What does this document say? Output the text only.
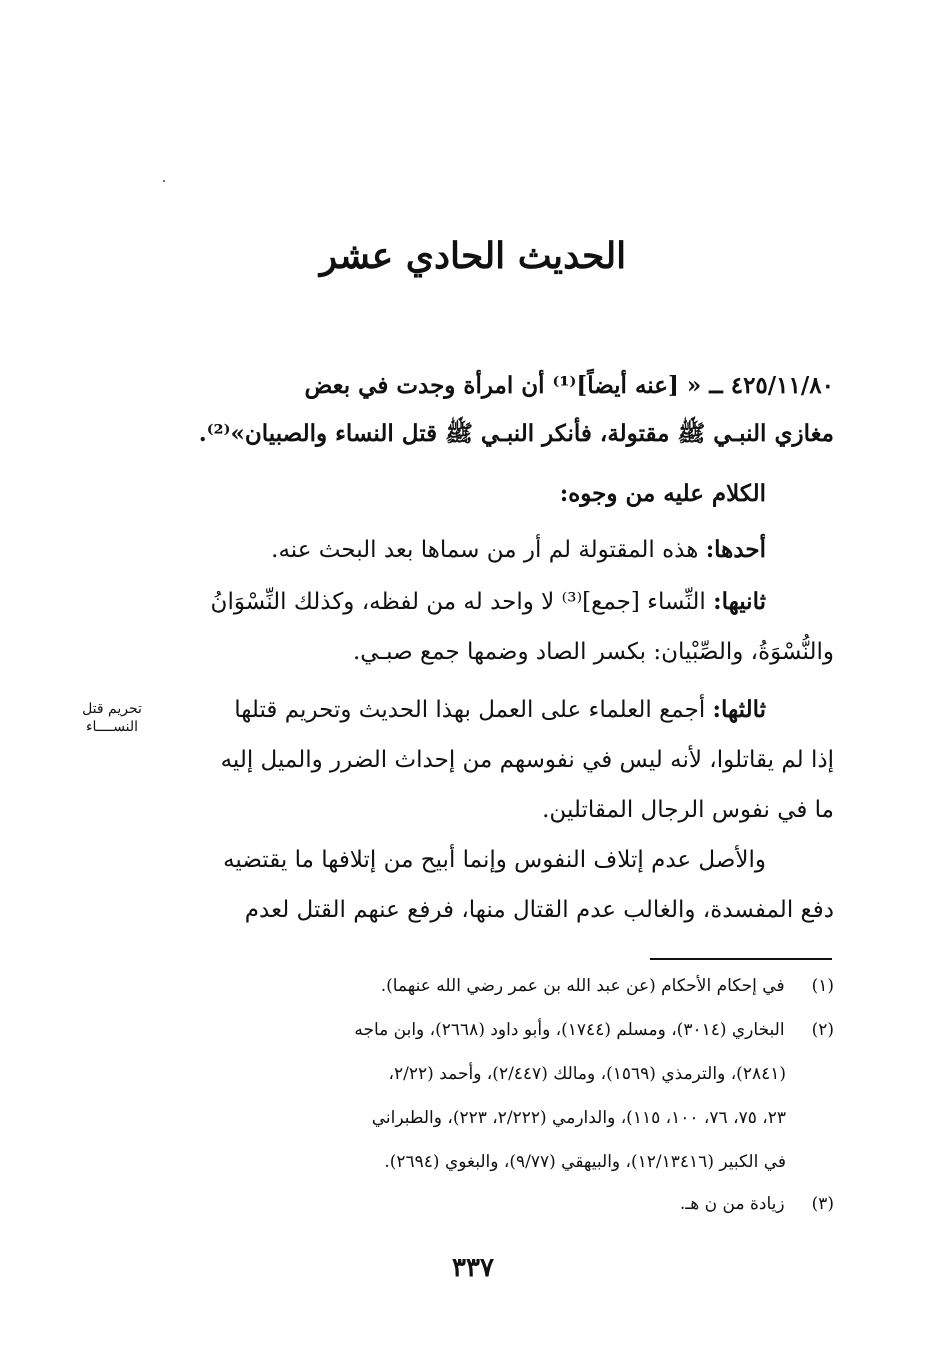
الحديث الحادي عشر
٤٢٥/١١/٨٠ ــ « [عنه أيضاً]⁽¹⁾ أن امرأة وجدت في بعض
مغازي النبـي ﷺ مقتولة، فأنكر النبـي ﷺ قتل النساء والصبيان»⁽²⁾.
الكلام عليه من وجوه:
أحدها: هذه المقتولة لم أر من سماها بعد البحث عنه.
ثانيها: النِّساء [جمع]⁽³⁾ لا واحد له من لفظه، وكذلك النِّسْوَانُ
والنُّسْوَةُ، والصِّبْيان: بكسر الصاد وضمها جمع صبـي.
ثالثها: أجمع العلماء على العمل بهذا الحديث وتحريم قتلها
تحريم قتل
النســــاء
إذا لم يقاتلوا، لأنه ليس في نفوسهم من إحداث الضرر والميل إليه
ما في نفوس الرجال المقاتلين.
والأصل عدم إتلاف النفوس وإنما أبيح من إتلافها ما يقتضيه
دفع المفسدة، والغالب عدم القتال منها، فرفع عنهم القتل لعدم
(١) في إحكام الأحكام (عن عبد الله بن عمر رضي الله عنهما).
(٢) البخاري (٣٠١٤)، ومسلم (١٧٤٤)، وأبو داود (٢٦٦٨)، وابن ماجه
(٢٨٤١)، والترمذي (١٥٦٩)، ومالك (٢/٤٤٧)، وأحمد (٢/٢٢،
٢٣، ٧٥، ٧٦، ١٠٠، ١١٥)، والدارمي (٢/٢٢٢، ٢٢٣)، والطبراني
في الكبير (١٢/١٣٤١٦)، والبيهقي (٩/٧٧)، والبغوي (٢٦٩٤).
(٣) زيادة من ن هـ.
٣٣٧
